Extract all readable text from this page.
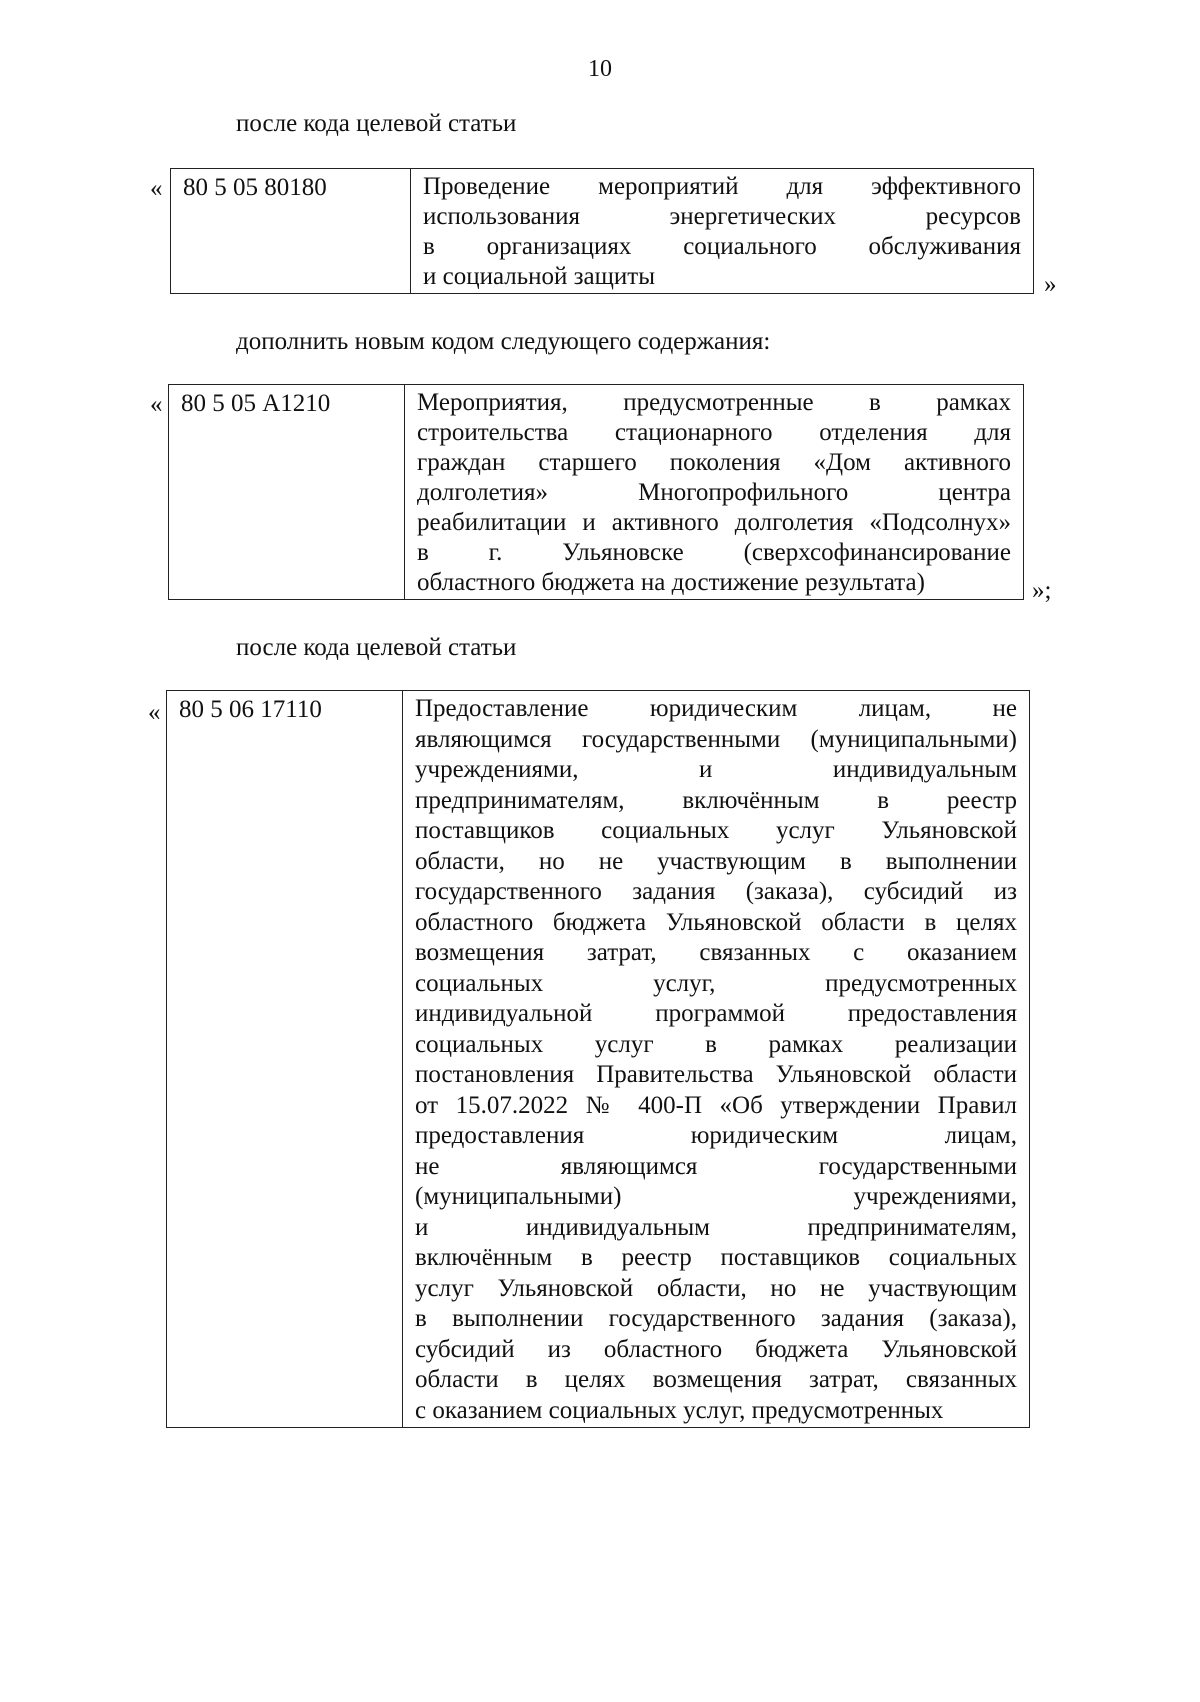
10
после кода целевой статьи
« 80 5 05 80180	Проведение мероприятий для эффективного
использования энергетических ресурсов
в организациях социального обслуживания
и социальной защиты	»
дополнить новым кодом следующего содержания:
« 80 5 05 А1210	Мероприятия, предусмотренные в рамках
строительства стационарного отделения для
граждан старшего поколения «Дом активного
долголетия» Многопрофильного центра
реабилитации и активного долголетия «Подсолнух»
в г. Ульяновске (сверхсофинансирование
областного бюджета на достижение результата)	»;
после кода целевой статьи
« 80 5 06 17110	Предоставление юридическим лицам, не
являющимся государственными (муниципальными)
учреждениями, и индивидуальным
предпринимателям, включённым в реестр
поставщиков социальных услуг Ульяновской
области, но не участвующим в выполнении
государственного задания (заказа), субсидий из
областного бюджета Ульяновской области в целях
возмещения затрат, связанных с оказанием
социальных услуг, предусмотренных
индивидуальной программой предоставления
социальных услуг в рамках реализации
постановления Правительства Ульяновской области
от 15.07.2022 № 400-П «Об утверждении Правил
предоставления юридическим лицам,
не являющимся государственными
(муниципальными) учреждениями,
и индивидуальным предпринимателям,
включённым в реестр поставщиков социальных
услуг Ульяновской области, но не участвующим
в выполнении государственного задания (заказа),
субсидий из областного бюджета Ульяновской
области в целях возмещения затрат, связанных
с оказанием социальных услуг, предусмотренных
